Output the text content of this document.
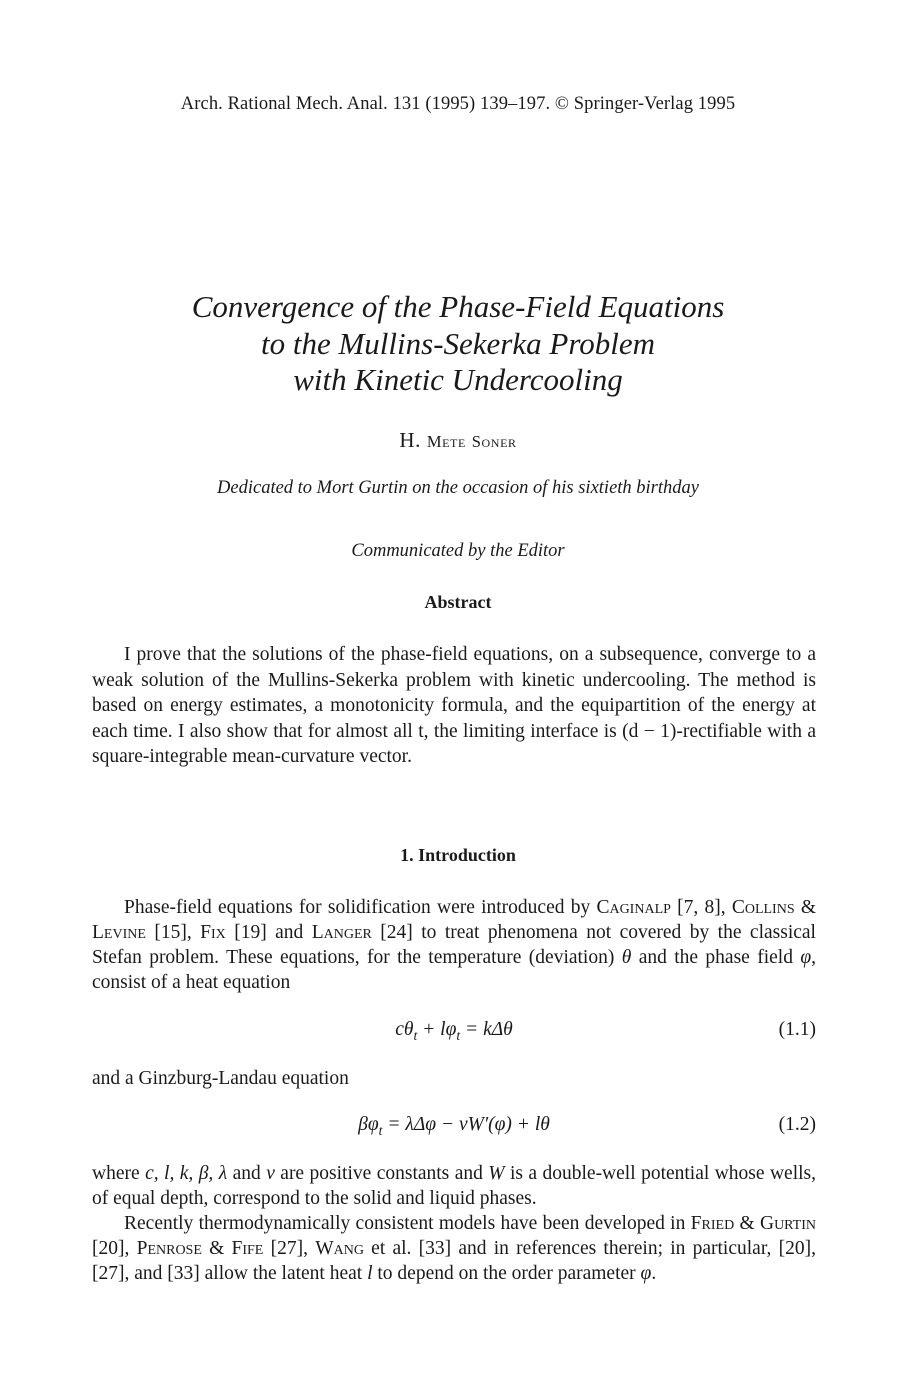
Arch. Rational Mech. Anal. 131 (1995) 139–197. © Springer-Verlag 1995
Convergence of the Phase-Field Equations
to the Mullins-Sekerka Problem
with Kinetic Undercooling
H. Mete Soner
Dedicated to Mort Gurtin on the occasion of his sixtieth birthday
Communicated by the Editor
Abstract
I prove that the solutions of the phase-field equations, on a subsequence, converge to a weak solution of the Mullins-Sekerka problem with kinetic undercooling. The method is based on energy estimates, a monotonicity formula, and the equipartition of the energy at each time. I also show that for almost all t, the limiting interface is (d − 1)-rectifiable with a square-integrable mean-curvature vector.
1. Introduction
Phase-field equations for solidification were introduced by Caginalp [7, 8], Collins & Levine [15], Fix [19] and Langer [24] to treat phenomena not covered by the classical Stefan problem. These equations, for the temperature (deviation) θ and the phase field φ, consist of a heat equation
$c\theta_t + l\varphi_t = k\Delta\theta$	(1.1)
and a Ginzburg-Landau equation
$\beta\varphi_t = \lambda\Delta\varphi - \nu W'(\varphi) + l\theta$	(1.2)
where c, l, k, β, λ and ν are positive constants and W is a double-well potential whose wells, of equal depth, correspond to the solid and liquid phases.
Recently thermodynamically consistent models have been developed in Fried & Gurtin [20], Penrose & Fife [27], Wang et al. [33] and in references therein; in particular, [20], [27], and [33] allow the latent heat l to depend on the order parameter φ.
